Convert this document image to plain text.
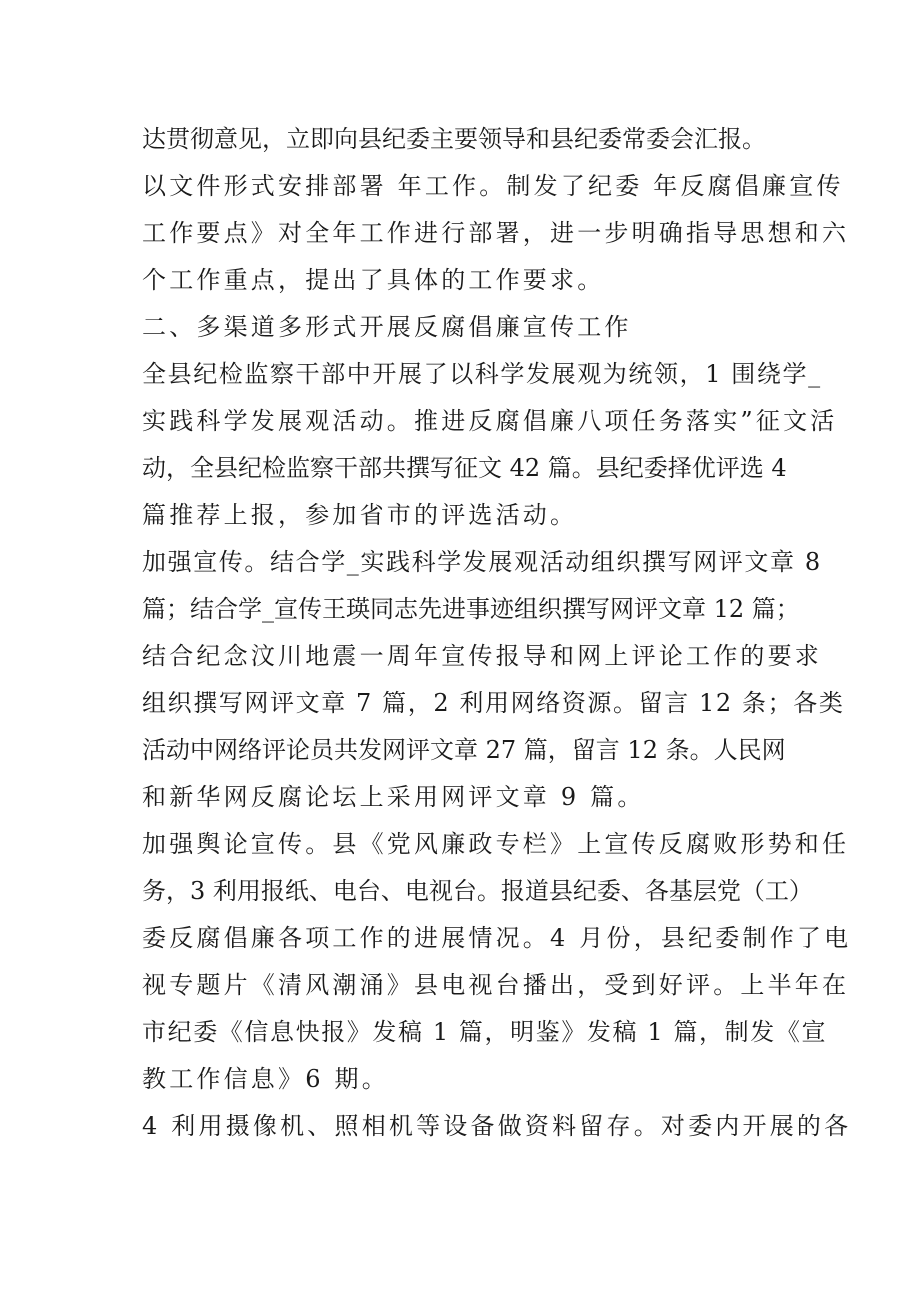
达贯彻意见，立即向县纪委主要领导和县纪委常委会汇报。
以文件形式安排部署 年工作。制发了纪委 年反腐倡廉宣传
工作要点》对全年工作进行部署，进一步明确指导思想和六
个工作重点，提出了具体的工作要求。
二、多渠道多形式开展反腐倡廉宣传工作
全县纪检监察干部中开展了以科学发展观为统领，1 围绕学_
实践科学发展观活动。推进反腐倡廉八项任务落实”征文活
动，全县纪检监察干部共撰写征文 42 篇。县纪委择优评选 4
篇推荐上报，参加省市的评选活动。
加强宣传。结合学_实践科学发展观活动组织撰写网评文章 8
篇；结合学_宣传王瑛同志先进事迹组织撰写网评文章 12 篇；
结合纪念汶川地震一周年宣传报导和网上评论工作的要求
组织撰写网评文章 7 篇，2 利用网络资源。留言 12 条；各类
活动中网络评论员共发网评文章 27 篇，留言 12 条。人民网
和新华网反腐论坛上采用网评文章 9 篇。
加强舆论宣传。县《党风廉政专栏》上宣传反腐败形势和任
务，3 利用报纸、电台、电视台。报道县纪委、各基层党（工）
委反腐倡廉各项工作的进展情况。4 月份，县纪委制作了电
视专题片《清风潮涌》县电视台播出，受到好评。上半年在
市纪委《信息快报》发稿 1 篇，明鉴》发稿 1 篇，制发《宣
教工作信息》6 期。
4 利用摄像机、照相机等设备做资料留存。对委内开展的各
